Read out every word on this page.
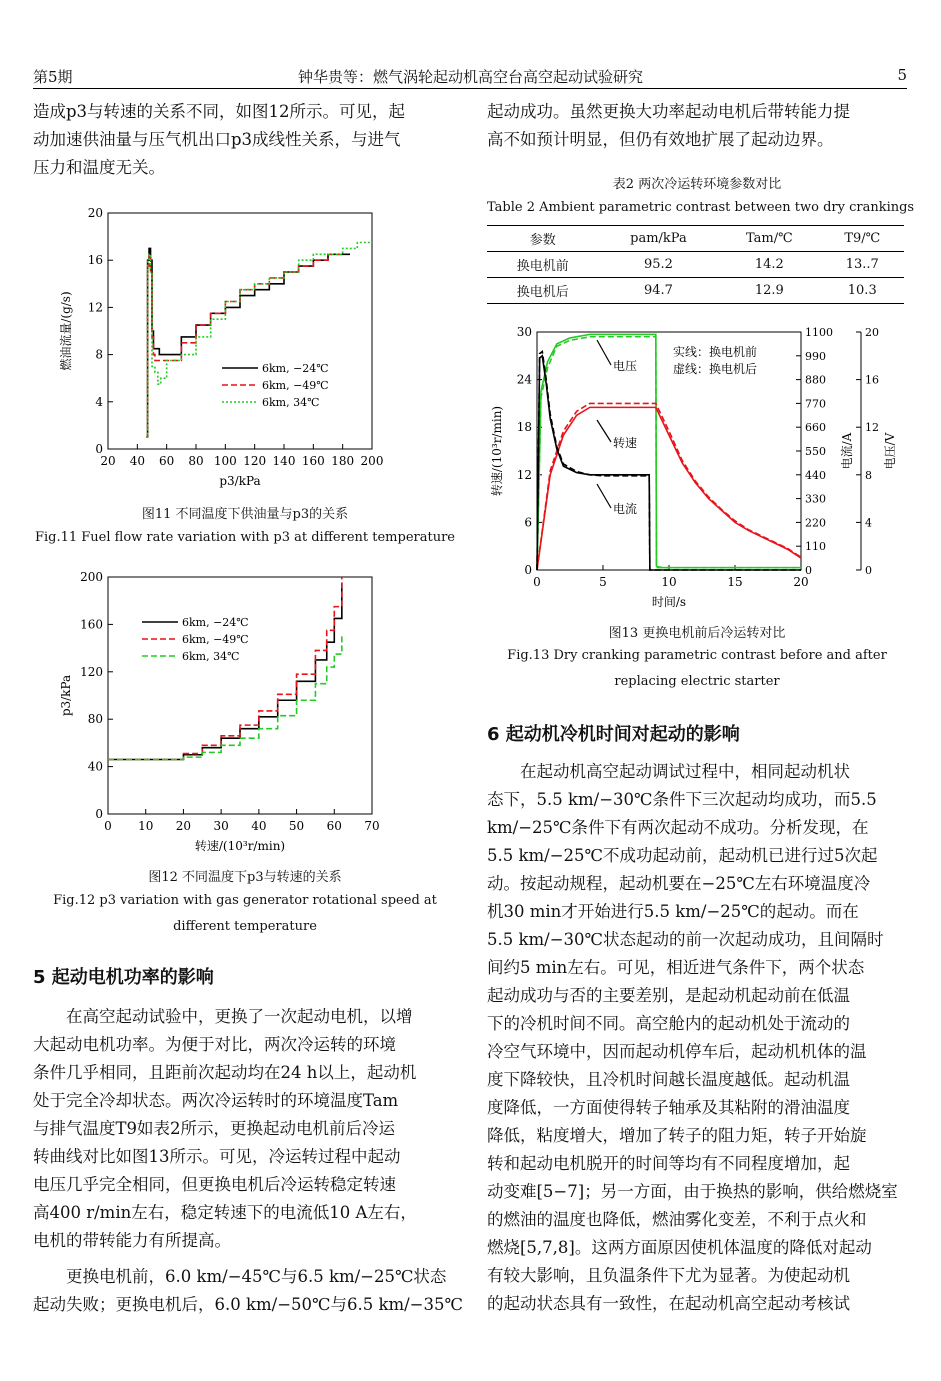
第5期	钟华贵等：燃气涡轮起动机高空台高空起动试验研究	5
造成p3与转速的关系不同，如图12所示。可见，起
动加速供油量与压气机出口p3成线性关系，与进气
压力和温度无关。
20 40 60 80 100 120 140 160 180 200
0
4
8
12
16
20
p3/kPa
燃油流量/(g/s)	6km, −24℃
6km, −49℃
6km, 34℃
图11 不同温度下供油量与p3的关系
Fig.11 Fuel flow rate variation with p3 at different temperature
0 10 20 30 40 50 60 70
0
40
80
120
160
200
转速/(10³r/min)
p3/kPa
6km, −24℃
6km, −49℃
6km, 34℃
图12 不同温度下p3与转速的关系
Fig.12 p3 variation with gas generator rotational speed at
different temperature
5 起动电机功率的影响
在高空起动试验中，更换了一次起动电机，以增
大起动电机功率。为便于对比，两次冷运转的环境
条件几乎相同，且距前次起动均在24 h以上，起动机
处于完全冷却状态。两次冷运转时的环境温度Tam
与排气温度T9如表2所示，更换起动电机前后冷运
转曲线对比如图13所示。可见，冷运转过程中起动
电压几乎完全相同，但更换电机后冷运转稳定转速
高400 r/min左右，稳定转速下的电流低10 A左右，
电机的带转能力有所提高。
更换电机前，6.0 km/−45℃与6.5 km/−25℃状态
起动失败；更换电机后，6.0 km/−50℃与6.5 km/−35℃
起动成功。虽然更换大功率起动电机后带转能力提
高不如预计明显，但仍有效地扩展了起动边界。
表2 两次冷运转环境参数对比
Table 2 Ambient parametric contrast between two dry crankings
参数	pam/kPa	Tam/℃	T9/℃
换电机前	95.2	14.2	13..7
换电机后	94.7	12.9	10.3
0	5	10	15	20
0
6
12
18
24
30
0
110
220
330
440
550
660
770
880
990
1100
0
4
8
12
16
20
时间/s
转速/(10³r/min)	电流/A 电压/V
实线：换电机前
虚线：换电机后
电压
转速
电流
图13 更换电机前后冷运转对比
Fig.13 Dry cranking parametric contrast before and after
replacing electric starter
6 起动机冷机时间对起动的影响
在起动机高空起动调试过程中，相同起动机状
态下，5.5 km/−30℃条件下三次起动均成功，而5.5
km/−25℃条件下有两次起动不成功。分析发现，在
5.5 km/−25℃不成功起动前，起动机已进行过5次起
动。按起动规程，起动机要在−25℃左右环境温度冷
机30 min才开始进行5.5 km/−25℃的起动。而在
5.5 km/−30℃状态起动的前一次起动成功，且间隔时
间约5 min左右。可见，相近进气条件下，两个状态
起动成功与否的主要差别，是起动机起动前在低温
下的冷机时间不同。高空舱内的起动机处于流动的
冷空气环境中，因而起动机停车后，起动机机体的温
度下降较快，且冷机时间越长温度越低。起动机温
度降低，一方面使得转子轴承及其粘附的滑油温度
降低，粘度增大，增加了转子的阻力矩，转子开始旋
转和起动电机脱开的时间等均有不同程度增加，起
动变难[5−7]；另一方面，由于换热的影响，供给燃烧室
的燃油的温度也降低，燃油雾化变差，不利于点火和
燃烧[5,7,8]。这两方面原因使机体温度的降低对起动
有较大影响，且负温条件下尤为显著。为使起动机
的起动状态具有一致性，在起动机高空起动考核试
